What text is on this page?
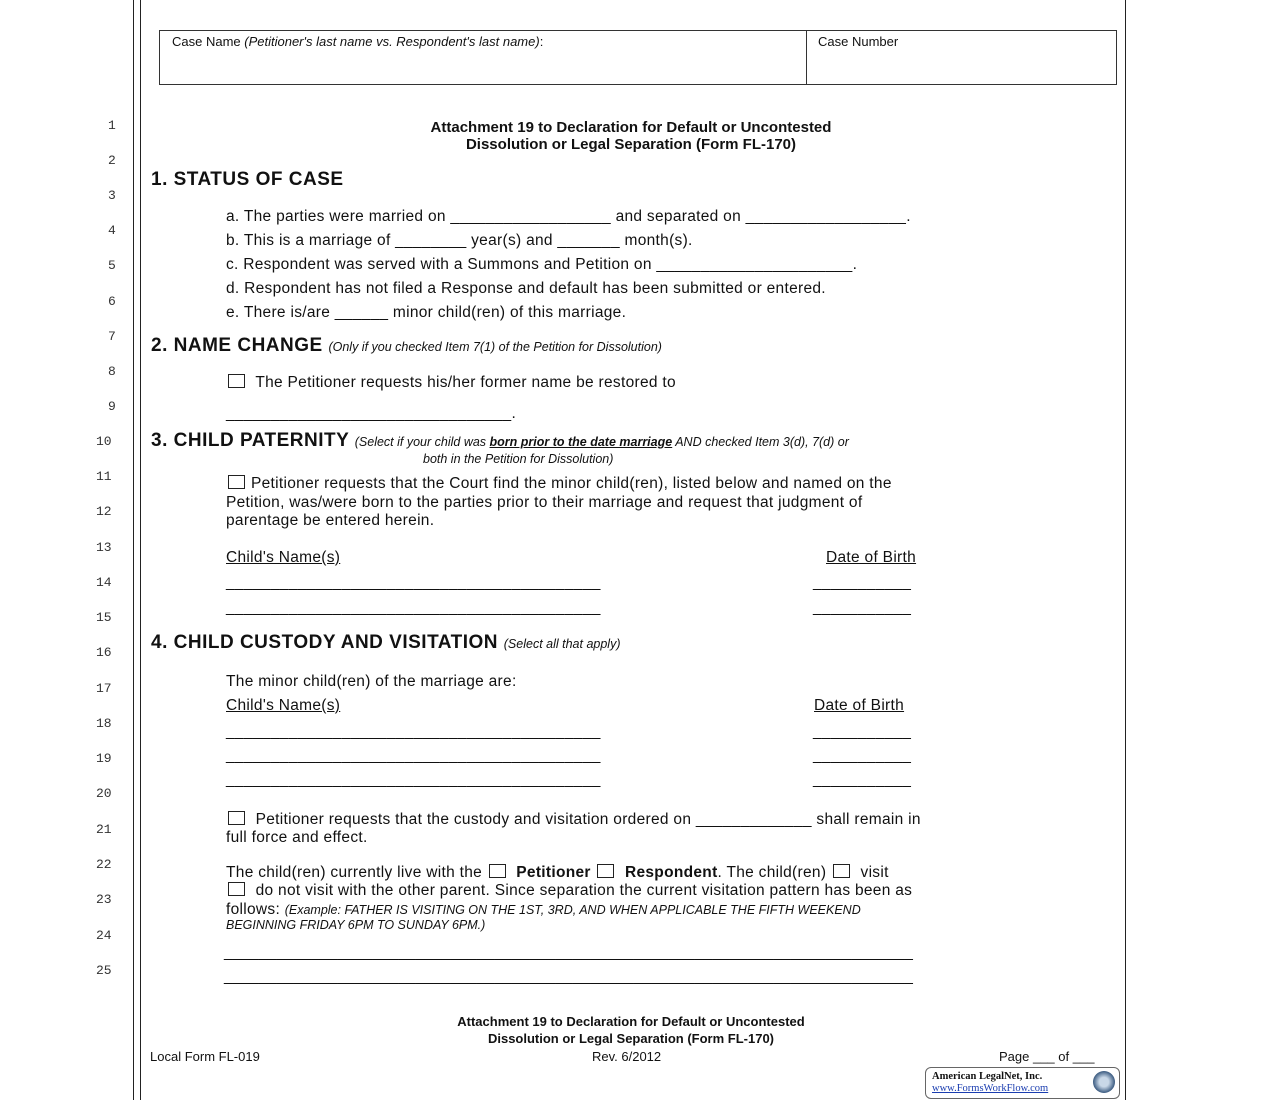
1
2
3
4
5
6
7
8
9
10
11
12
13
14
15
16
17
18
19
20
21
22
23
24
25
Case Name (Petitioner's last name vs. Respondent's last name):	Case Number
Attachment 19 to Declaration for Default or Uncontested
Dissolution or Legal Separation (Form FL-170)
1. STATUS OF CASE
a. The parties were married on __________________ and separated on __________________.
b. This is a marriage of ________ year(s) and _______ month(s).
c. Respondent was served with a Summons and Petition on ______________________.
d. Respondent has not filed a Response and default has been submitted or entered.
e. There is/are ______ minor child(ren) of this marriage.
2. NAME CHANGE (Only if you checked Item 7(1) of the Petition for Dissolution)
The Petitioner requests his/her former name be restored to
________________________________.
3. CHILD PATERNITY (Select if your child was born prior to the date marriage AND checked Item 3(d), 7(d) or
both in the Petition for Dissolution)
Petitioner requests that the Court find the minor child(ren), listed below and named on the
Petition, was/were born to the parties prior to their marriage and request that judgment of
parentage be entered herein.
Child's Name(s)	Date of Birth
__________________________________________	___________
__________________________________________	___________
4. CHILD CUSTODY AND VISITATION (Select all that apply)
The minor child(ren) of the marriage are:
Child's Name(s)	Date of Birth
__________________________________________	___________
__________________________________________	___________
__________________________________________	___________
Petitioner requests that the custody and visitation ordered on _____________ shall remain in
full force and effect.
The child(ren) currently live with the Petitioner Respondent. The child(ren) visit
do not visit with the other parent. Since separation the current visitation pattern has been as
follows: (Example: FATHER IS VISITING ON THE 1ST, 3RD, AND WHEN APPLICABLE THE FIFTH WEEKEND
BEGINNING FRIDAY 6PM TO SUNDAY 6PM.)
_______________________________________________________________________________
_______________________________________________________________________________
Attachment 19 to Declaration for Default or Uncontested
Dissolution or Legal Separation (Form FL-170)
Local Form FL-019	Rev. 6/2012	Page ___ of ___
American LegalNet, Inc.
www.FormsWorkFlow.com
